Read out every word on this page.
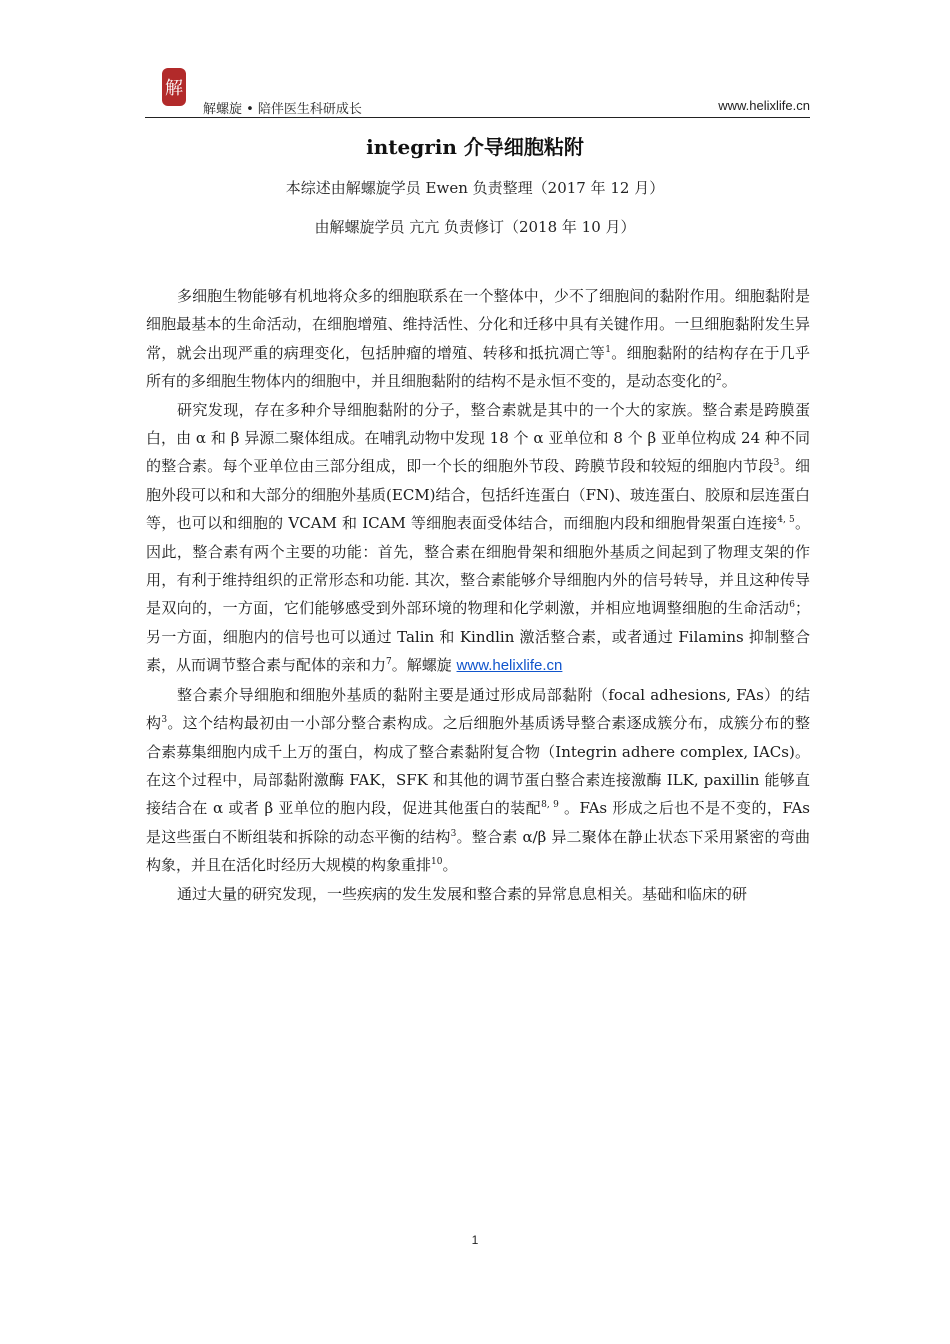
解
解螺旋 • 陪伴医生科研成长	www.helixlife.cn
integrin 介导细胞粘附

本综述由解螺旋学员 Ewen 负责整理（2017 年 12 月）

由解螺旋学员 亢亢 负责修订（2018 年 10 月）

多细胞生物能够有机地将众多的细胞联系在一个整体中，少不了细胞间的黏附作用。细胞黏附是细胞最基本的生命活动，在细胞增殖、维持活性、分化和迁移中具有关键作用。一旦细胞黏附发生异常，就会出现严重的病理变化，包括肿瘤的增殖、转移和抵抗凋亡等$^1$。细胞黏附的结构存在于几乎所有的多细胞生物体内的细胞中，并且细胞黏附的结构不是永恒不变的，是动态变化的$^2$。

研究发现，存在多种介导细胞黏附的分子，整合素就是其中的一个大的家族。整合素是跨膜蛋白，由 α 和 β 异源二聚体组成。在哺乳动物中发现 18 个 α 亚单位和 8 个 β 亚单位构成 24 种不同的整合素。每个亚单位由三部分组成，即一个长的细胞外节段、跨膜节段和较短的细胞内节段$^3$。细胞外段可以和和大部分的细胞外基质(ECM)结合，包括纤连蛋白（FN)、玻连蛋白、胶原和层连蛋白等，也可以和细胞的 VCAM 和 ICAM 等细胞表面受体结合，而细胞内段和细胞骨架蛋白连接$^{4, 5}$。因此，整合素有两个主要的功能：首先，整合素在细胞骨架和细胞外基质之间起到了物理支架的作用，有利于维持组织的正常形态和功能. 其次，整合素能够介导细胞内外的信号转导，并且这种传导是双向的，一方面，它们能够感受到外部环境的物理和化学刺激，并相应地调整细胞的生命活动$^6$；另一方面，细胞内的信号也可以通过 Talin 和 Kindlin 激活整合素，或者通过 Filamins 抑制整合素，从而调节整合素与配体的亲和力$^7$。解螺旋 www.helixlife.cn

整合素介导细胞和细胞外基质的黏附主要是通过形成局部黏附（focal adhesions, FAs）的结构$^3$。这个结构最初由一小部分整合素构成。之后细胞外基质诱导整合素逐成簇分布，成簇分布的整合素募集细胞内成千上万的蛋白，构成了整合素黏附复合物（Integrin adhere complex, IACs)。在这个过程中，局部黏附激酶 FAK，SFK 和其他的调节蛋白整合素连接激酶 ILK, paxillin 能够直接结合在 α 或者 β 亚单位的胞内段，促进其他蛋白的装配$^{8, 9}$ 。FAs 形成之后也不是不变的，FAs 是这些蛋白不断组装和拆除的动态平衡的结构$^3$。整合素 α/β 异二聚体在静止状态下采用紧密的弯曲构象，并且在活化时经历大规模的构象重排$^{10}$。

通过大量的研究发现，一些疾病的发生发展和整合素的异常息息相关。基础和临床的研

1
